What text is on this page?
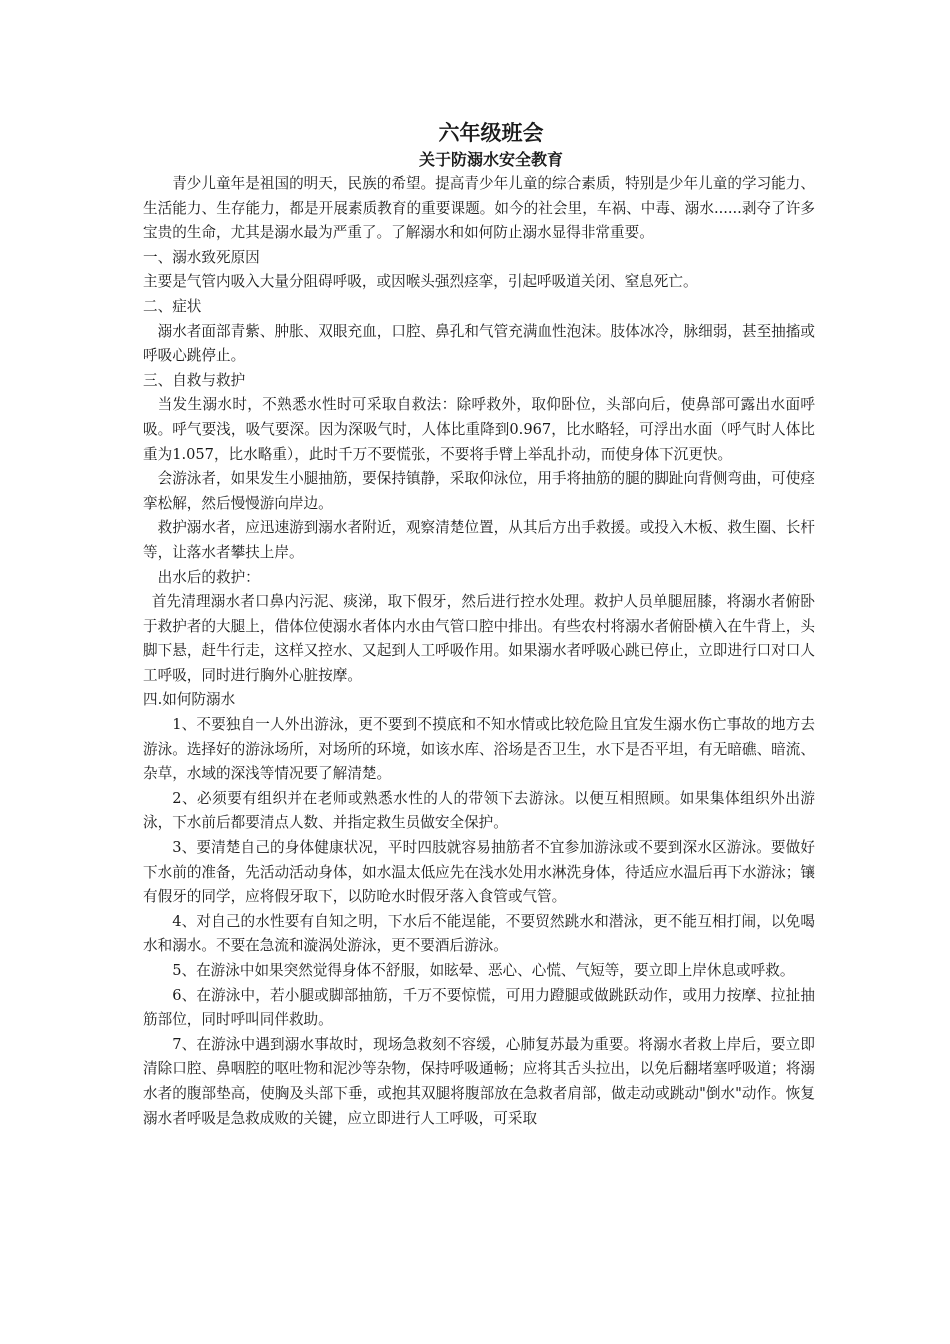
六年级班会
关于防溺水安全教育

青少儿童年是祖国的明天，民族的希望。提高青少年儿童的综合素质，特别是少年儿童的学习能力、生活能力、生存能力，都是开展素质教育的重要课题。如今的社会里，车祸、中毒、溺水......剥夺了许多宝贵的生命，尤其是溺水最为严重了。了解溺水和如何防止溺水显得非常重要。

一、溺水致死原因

主要是气管内吸入大量分阻碍呼吸，或因喉头强烈痉挛，引起呼吸道关闭、窒息死亡。

二、症状

溺水者面部青紫、肿胀、双眼充血，口腔、鼻孔和气管充满血性泡沫。肢体冰冷，脉细弱，甚至抽搐或呼吸心跳停止。

三、自救与救护

当发生溺水时，不熟悉水性时可采取自救法：除呼救外，取仰卧位，头部向后，使鼻部可露出水面呼吸。呼气要浅，吸气要深。因为深吸气时，人体比重降到0.967，比水略轻，可浮出水面（呼气时人体比重为1.057，比水略重），此时千万不要慌张，不要将手臂上举乱扑动，而使身体下沉更快。

会游泳者，如果发生小腿抽筋，要保持镇静，采取仰泳位，用手将抽筋的腿的脚趾向背侧弯曲，可使痉挛松解，然后慢慢游向岸边。

救护溺水者，应迅速游到溺水者附近，观察清楚位置，从其后方出手救援。或投入木板、救生圈、长杆等，让落水者攀扶上岸。

出水后的救护：

首先清理溺水者口鼻内污泥、痰涕，取下假牙，然后进行控水处理。救护人员单腿屈膝，将溺水者俯卧于救护者的大腿上，借体位使溺水者体内水由气管口腔中排出。有些农村将溺水者俯卧横入在牛背上，头脚下悬，赶牛行走，这样又控水、又起到人工呼吸作用。如果溺水者呼吸心跳已停止，立即进行口对口人工呼吸，同时进行胸外心脏按摩。

四.如何防溺水

1、不要独自一人外出游泳，更不要到不摸底和不知水情或比较危险且宜发生溺水伤亡事故的地方去游泳。选择好的游泳场所，对场所的环境，如该水库、浴场是否卫生，水下是否平坦，有无暗礁、暗流、杂草，水域的深浅等情况要了解清楚。

2、必须要有组织并在老师或熟悉水性的人的带领下去游泳。以便互相照顾。如果集体组织外出游泳，下水前后都要清点人数、并指定救生员做安全保护。

3、要清楚自己的身体健康状况，平时四肢就容易抽筋者不宜参加游泳或不要到深水区游泳。要做好下水前的准备，先活动活动身体，如水温太低应先在浅水处用水淋洗身体，待适应水温后再下水游泳；镶有假牙的同学，应将假牙取下，以防呛水时假牙落入食管或气管。

4、对自己的水性要有自知之明，下水后不能逞能，不要贸然跳水和潜泳，更不能互相打闹，以免喝水和溺水。不要在急流和漩涡处游泳，更不要酒后游泳。

5、在游泳中如果突然觉得身体不舒服，如眩晕、恶心、心慌、气短等，要立即上岸休息或呼救。

6、在游泳中，若小腿或脚部抽筋，千万不要惊慌，可用力蹬腿或做跳跃动作，或用力按摩、拉扯抽筋部位，同时呼叫同伴救助。

7、在游泳中遇到溺水事故时，现场急救刻不容缓，心肺复苏最为重要。将溺水者救上岸后，要立即清除口腔、鼻咽腔的呕吐物和泥沙等杂物，保持呼吸通畅；应将其舌头拉出，以免后翻堵塞呼吸道；将溺水者的腹部垫高，使胸及头部下垂，或抱其双腿将腹部放在急救者肩部，做走动或跳动"倒水"动作。恢复溺水者呼吸是急救成败的关键，应立即进行人工呼吸，可采取
